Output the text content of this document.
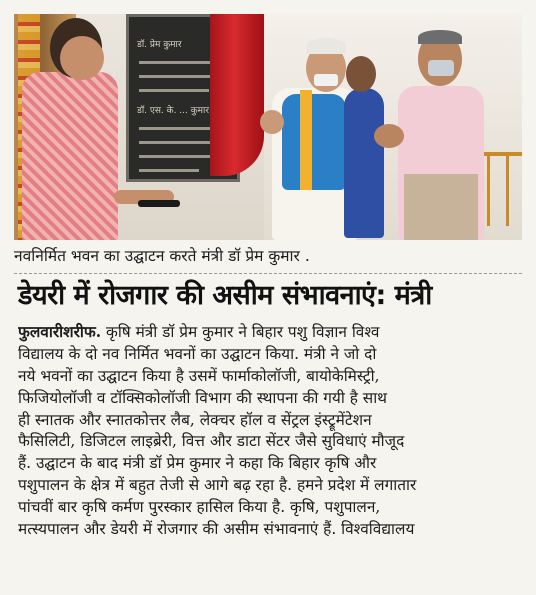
डॉ. प्रेम कुमार
डॉ. एस. के. ... कुमार
नवनिर्मित भवन का उद्घाटन करते मंत्री डॉ प्रेम कुमार .
डेयरी में रोजगार की असीम संभावनाएं: मंत्री
फुलवारीशरीफ. कृषि मंत्री डॉ प्रेम कुमार ने बिहार पशु विज्ञान विश्व
विद्यालय के दो नव निर्मित भवनों का उद्घाटन किया. मंत्री ने जो दो
नये भवनों का उद्घाटन किया है उसमें फार्माकोलॉजी, बायोकेमिस्ट्री,
फिजियोलॉजी व टॉक्सिकोलॉजी विभाग की स्थापना की गयी है साथ
ही स्नातक और स्नातकोत्तर लैब, लेक्चर हॉल व सेंट्रल इंस्ट्रूमेंटेशन
फैसिलिटी, डिजिटल लाइब्रेरी, वित्त और डाटा सेंटर जैसे सुविधाएं मौजूद
हैं. उद्घाटन के बाद मंत्री डॉ प्रेम कुमार ने कहा कि बिहार कृषि और
पशुपालन के क्षेत्र में बहुत तेजी से आगे बढ़ रहा है. हमने प्रदेश में लगातार
पांचवीं बार कृषि कर्मण पुरस्कार हासिल किया है. कृषि, पशुपालन,
मत्स्यपालन और डेयरी में रोजगार की असीम संभावनाएं हैं. विश्वविद्यालय
